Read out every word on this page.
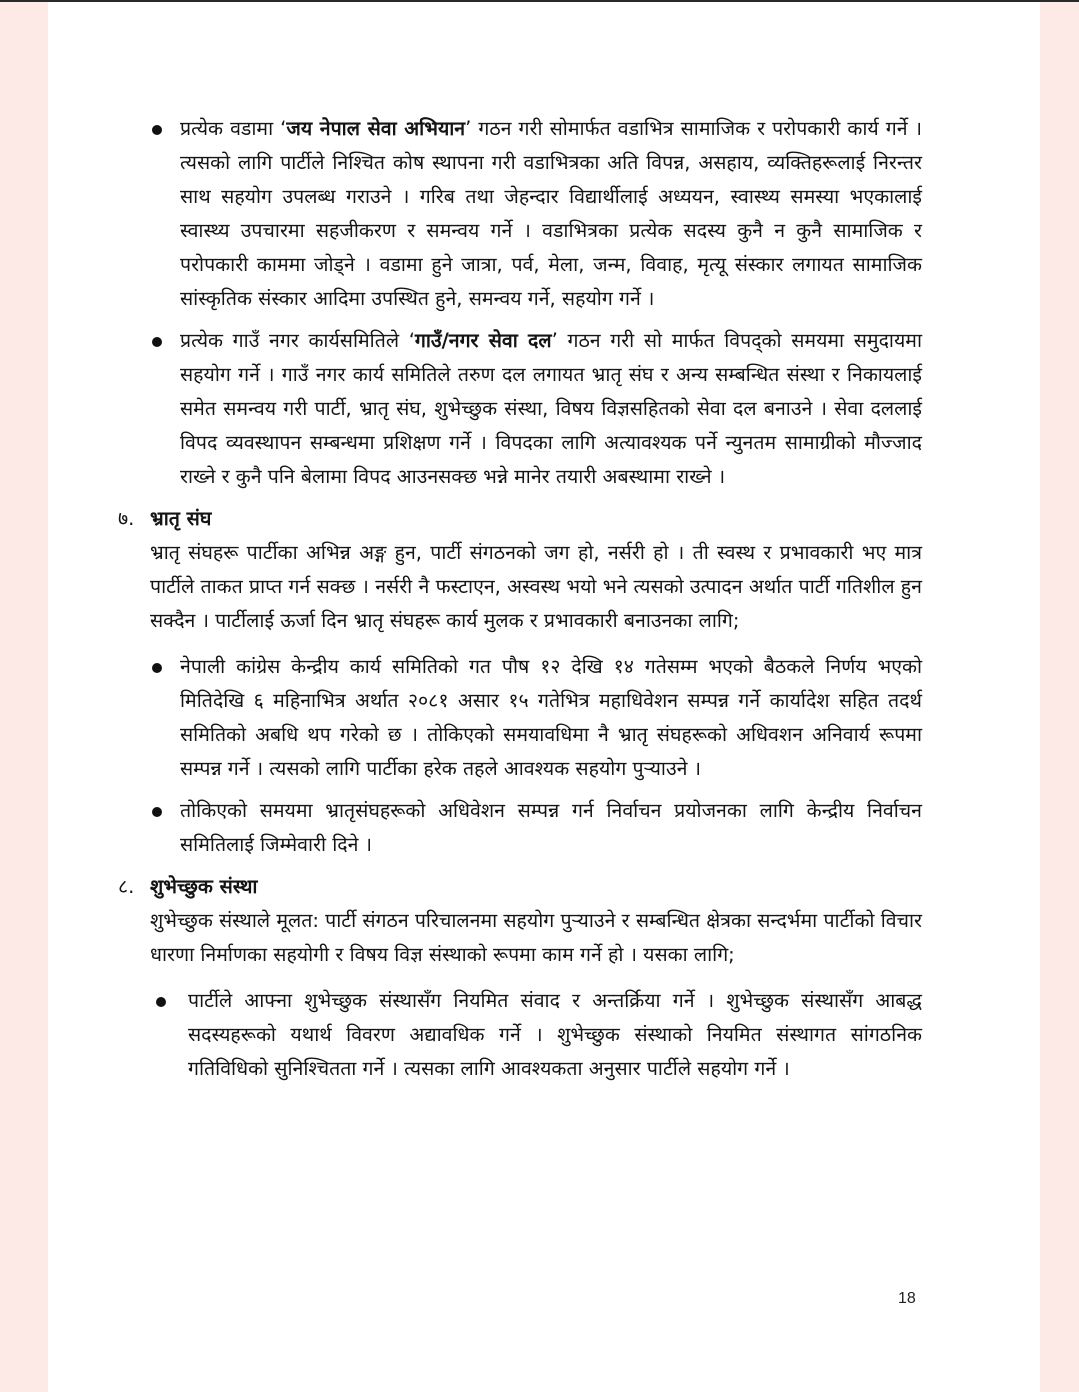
प्रत्येक वडामा ‘जय नेपाल सेवा अभियान’ गठन गरी सोमार्फत वडाभित्र सामाजिक र परोपकारी कार्य गर्ने । त्यसको लागि पार्टीले निश्चित कोष स्थापना गरी वडाभित्रका अति विपन्न, असहाय, व्यक्तिहरूलाई निरन्तर साथ सहयोग उपलब्ध गराउने । गरिब तथा जेहन्दार विद्यार्थीलाई अध्ययन, स्वास्थ्य समस्या भएकालाई स्वास्थ्य उपचारमा सहजीकरण र समन्वय गर्ने । वडाभित्रका प्रत्येक सदस्य कुनै न कुनै सामाजिक र परोपकारी काममा जोड्ने । वडामा हुने जात्रा, पर्व, मेला, जन्म, विवाह, मृत्यू संस्कार लगायत सामाजिक सांस्कृतिक संस्कार आदिमा उपस्थित हुने, समन्वय गर्ने, सहयोग गर्ने ।
प्रत्येक गाउँ नगर कार्यसमितिले ‘गाउँ/नगर सेवा दल’ गठन गरी सो मार्फत विपद्को समयमा समुदायमा सहयोग गर्ने । गाउँ नगर कार्य समितिले तरुण दल लगायत भ्रातृ संघ र अन्य सम्बन्धित संस्था र निकायलाई समेत समन्वय गरी पार्टी, भ्रातृ संघ, शुभेच्छुक संस्था, विषय विज्ञसहितको सेवा दल बनाउने । सेवा दललाई विपद व्यवस्थापन सम्बन्धमा प्रशिक्षण गर्ने । विपदका लागि अत्यावश्यक पर्ने न्युनतम सामाग्रीको मौज्जाद राख्ने र कुनै पनि बेलामा विपद आउनसक्छ भन्ने मानेर तयारी अबस्थामा राख्ने ।
७. भ्रातृ संघ

भ्रातृ संघहरू पार्टीका अभिन्न अङ्ग हुन, पार्टी संगठनको जग हो, नर्सरी हो । ती स्वस्थ र प्रभावकारी भए मात्र पार्टीले ताकत प्राप्त गर्न सक्छ । नर्सरी नै फस्टाएन, अस्वस्थ भयो भने त्यसको उत्पादन अर्थात पार्टी गतिशील हुन सक्दैन । पार्टीलाई ऊर्जा दिन भ्रातृ संघहरू कार्य मुलक र प्रभावकारी बनाउनका लागि;

नेपाली कांग्रेस केन्द्रीय कार्य समितिको गत पौष १२ देखि १४ गतेसम्म भएको बैठकले निर्णय भएको मितिदेखि ६ महिनाभित्र अर्थात २०८१ असार १५ गतेभित्र महाधिवेशन सम्पन्न गर्ने कार्यादेश सहित तदर्थ समितिको अबधि थप गरेको छ । तोकिएको समयावधिमा नै भ्रातृ संघहरूको अधिवशन अनिवार्य रूपमा सम्पन्न गर्ने । त्यसको लागि पार्टीका हरेक तहले आवश्यक सहयोग पुऱ्याउने ।
तोकिएको समयमा भ्रातृसंघहरूको अधिवेशन सम्पन्न गर्न निर्वाचन प्रयोजनका लागि केन्द्रीय निर्वाचन समितिलाई जिम्मेवारी दिने ।
८. शुभेच्छुक संस्था

शुभेच्छुक संस्थाले मूलत: पार्टी संगठन परिचालनमा सहयोग पुऱ्याउने र सम्बन्धित क्षेत्रका सन्दर्भमा पार्टीको विचार धारणा निर्माणका सहयोगी र विषय विज्ञ संस्थाको रूपमा काम गर्ने हो । यसका लागि;

पार्टीले आफ्ना शुभेच्छुक संस्थासँग नियमित संवाद र अन्तर्क्रिया गर्ने । शुभेच्छुक संस्थासँग आबद्ध सदस्यहरूको यथार्थ विवरण अद्यावधिक गर्ने । शुभेच्छुक संस्थाको नियमित संस्थागत सांगठनिक गतिविधिको सुनिश्चितता गर्ने । त्यसका लागि आवश्यकता अनुसार पार्टीले सहयोग गर्ने ।
18
